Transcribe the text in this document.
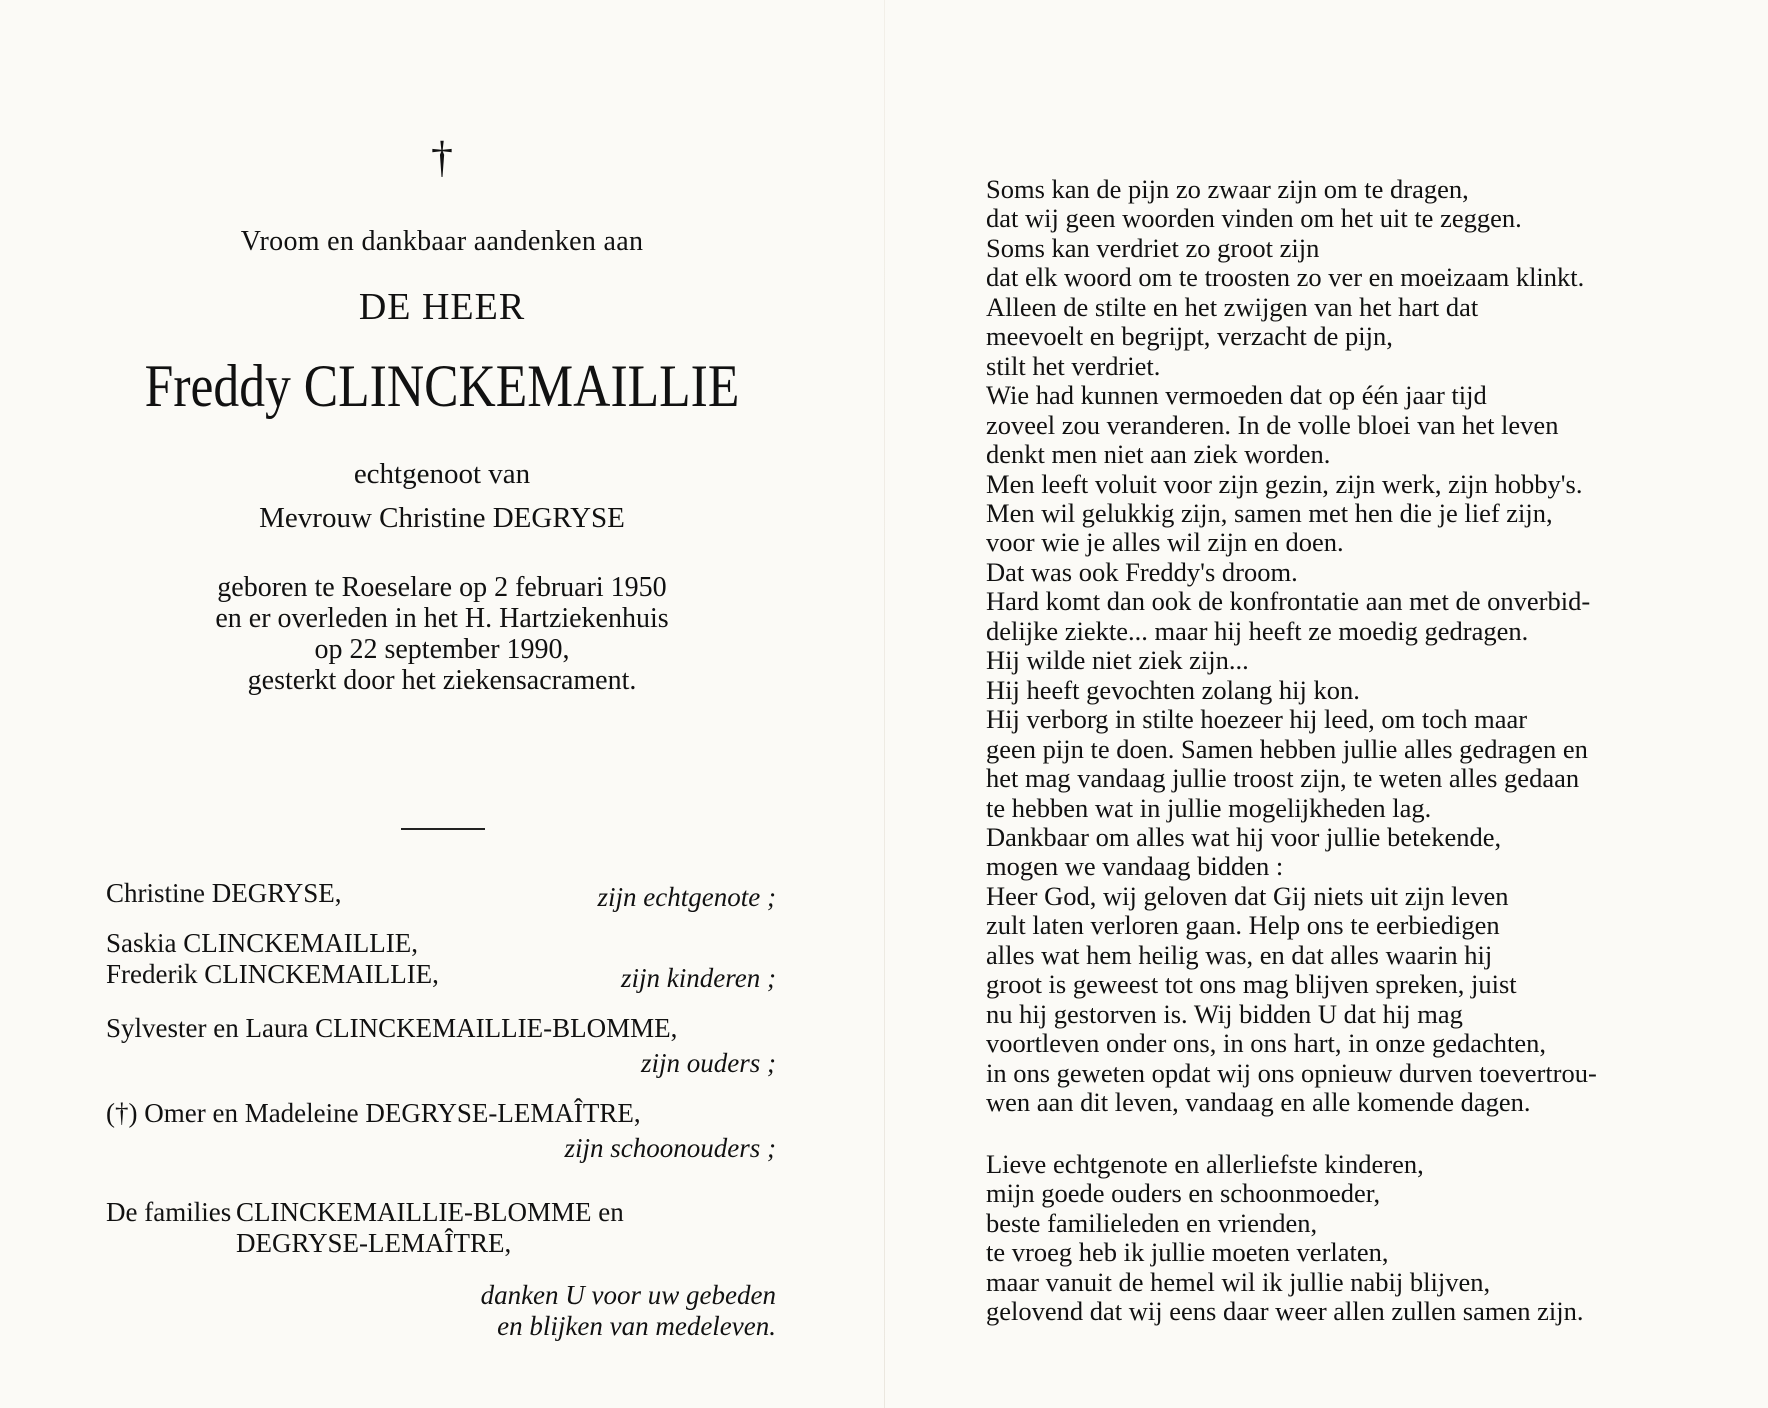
†
Vroom en dankbaar aandenken aan
DE HEER
Freddy CLINCKEMAILLIE
echtgenoot van
Mevrouw Christine DEGRYSE
geboren te Roeselare op 2 februari 1950
en er overleden in het H. Hartziekenhuis
op 22 september 1990,
gesterkt door het ziekensacrament.
Christine DEGRYSE,	zijn echtgenote ;
Saskia CLINCKEMAILLIE,
Frederik CLINCKEMAILLIE,	zijn kinderen ;
Sylvester en Laura CLINCKEMAILLIE-BLOMME,
zijn ouders ;
(†) Omer en Madeleine DEGRYSE-LEMAÎTRE,
zijn schoonouders ;
De families CLINCKEMAILLIE-BLOMME en
DEGRYSE-LEMAÎTRE,
danken U voor uw gebeden
en blijken van medeleven.
Soms kan de pijn zo zwaar zijn om te dragen,
dat wij geen woorden vinden om het uit te zeggen.
Soms kan verdriet zo groot zijn
dat elk woord om te troosten zo ver en moeizaam klinkt.
Alleen de stilte en het zwijgen van het hart dat
meevoelt en begrijpt, verzacht de pijn,
stilt het verdriet.
Wie had kunnen vermoeden dat op één jaar tijd
zoveel zou veranderen. In de volle bloei van het leven
denkt men niet aan ziek worden.
Men leeft voluit voor zijn gezin, zijn werk, zijn hobby's.
Men wil gelukkig zijn, samen met hen die je lief zijn,
voor wie je alles wil zijn en doen.
Dat was ook Freddy's droom.
Hard komt dan ook de konfrontatie aan met de onverbid-
delijke ziekte... maar hij heeft ze moedig gedragen.
Hij wilde niet ziek zijn...
Hij heeft gevochten zolang hij kon.
Hij verborg in stilte hoezeer hij leed, om toch maar
geen pijn te doen. Samen hebben jullie alles gedragen en
het mag vandaag jullie troost zijn, te weten alles gedaan
te hebben wat in jullie mogelijkheden lag.
Dankbaar om alles wat hij voor jullie betekende,
mogen we vandaag bidden :
Heer God, wij geloven dat Gij niets uit zijn leven
zult laten verloren gaan. Help ons te eerbiedigen
alles wat hem heilig was, en dat alles waarin hij
groot is geweest tot ons mag blijven spreken, juist
nu hij gestorven is. Wij bidden U dat hij mag
voortleven onder ons, in ons hart, in onze gedachten,
in ons geweten opdat wij ons opnieuw durven toevertrou-
wen aan dit leven, vandaag en alle komende dagen.
Lieve echtgenote en allerliefste kinderen,
mijn goede ouders en schoonmoeder,
beste familieleden en vrienden,
te vroeg heb ik jullie moeten verlaten,
maar vanuit de hemel wil ik jullie nabij blijven,
gelovend dat wij eens daar weer allen zullen samen zijn.
